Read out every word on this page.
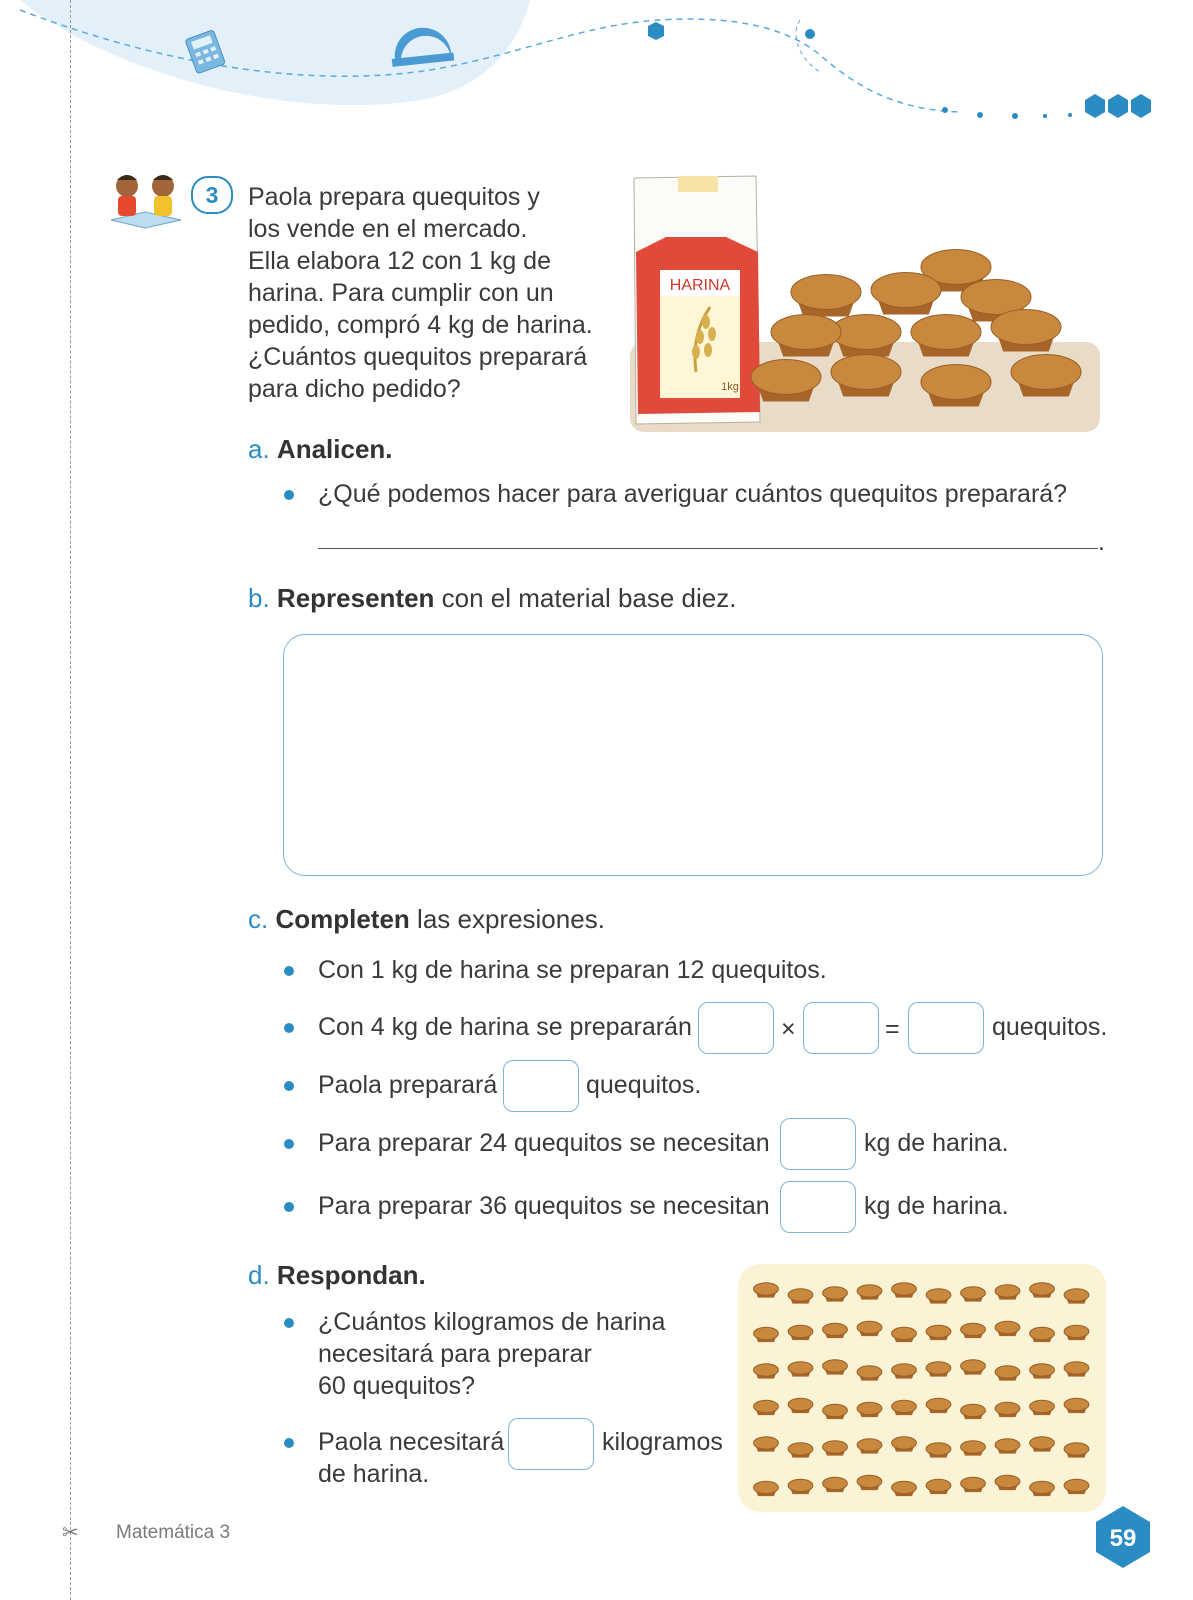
3	Paola prepara quequitos y
los vende en el mercado.
Ella elabora 12 con 1 kg de
harina. Para cumplir con un
pedido, compró 4 kg de harina.
¿Cuántos quequitos preparará
para dicho pedido?
HARINA
1kg
a. Analicen.
¿Qué podemos hacer para averiguar cuántos quequitos preparará?
.
b. Representen con el material base diez.
c. Completen las expresiones.
Con 1 kg de harina se preparan 12 quequitos.
Con 4 kg de harina se prepararán	×	=	quequitos.
Paola preparará	quequitos.
Para preparar 24 quequitos se necesitan	kg de harina.
Para preparar 36 quequitos se necesitan	kg de harina.
d. Respondan.
¿Cuántos kilogramos de harina
necesitará para preparar
60 quequitos?
Paola necesitará	kilogramos
de harina.
✂ Matemática 3	59
